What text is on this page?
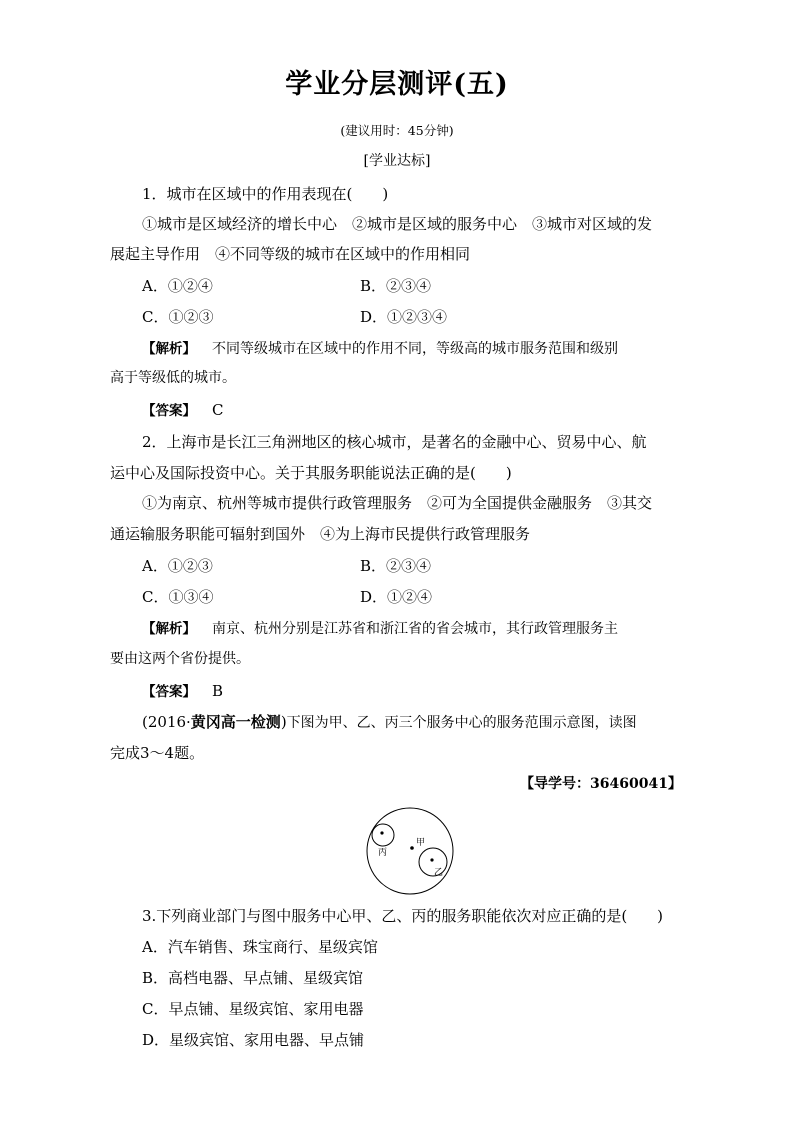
学业分层测评(五)
(建议用时：45分钟)
[学业达标]
1．城市在区域中的作用表现在(　　)
①城市是区域经济的增长中心　②城市是区域的服务中心　③城市对区域的发
展起主导作用　④不同等级的城市在区域中的作用相同
A．①②④	B．②③④
C．①②③	D．①②③④
【解析】 不同等级城市在区域中的作用不同，等级高的城市服务范围和级别
高于等级低的城市。
【答案】 C
2．上海市是长江三角洲地区的核心城市，是著名的金融中心、贸易中心、航
运中心及国际投资中心。关于其服务职能说法正确的是(　　)
①为南京、杭州等城市提供行政管理服务　②可为全国提供金融服务　③其交
通运输服务职能可辐射到国外　④为上海市民提供行政管理服务
A．①②③	B．②③④
C．①③④	D．①②④
【解析】 南京、杭州分别是江苏省和浙江省的省会城市，其行政管理服务主
要由这两个省份提供。
【答案】 B
(2016·黄冈高一检测)下图为甲、乙、丙三个服务中心的服务范围示意图，读图
完成3～4题。
【导学号：36460041】
甲
丙
乙
3.下列商业部门与图中服务中心甲、乙、丙的服务职能依次对应正确的是(　　)
A．汽车销售、珠宝商行、星级宾馆
B．高档电器、早点铺、星级宾馆
C．早点铺、星级宾馆、家用电器
D．星级宾馆、家用电器、早点铺
